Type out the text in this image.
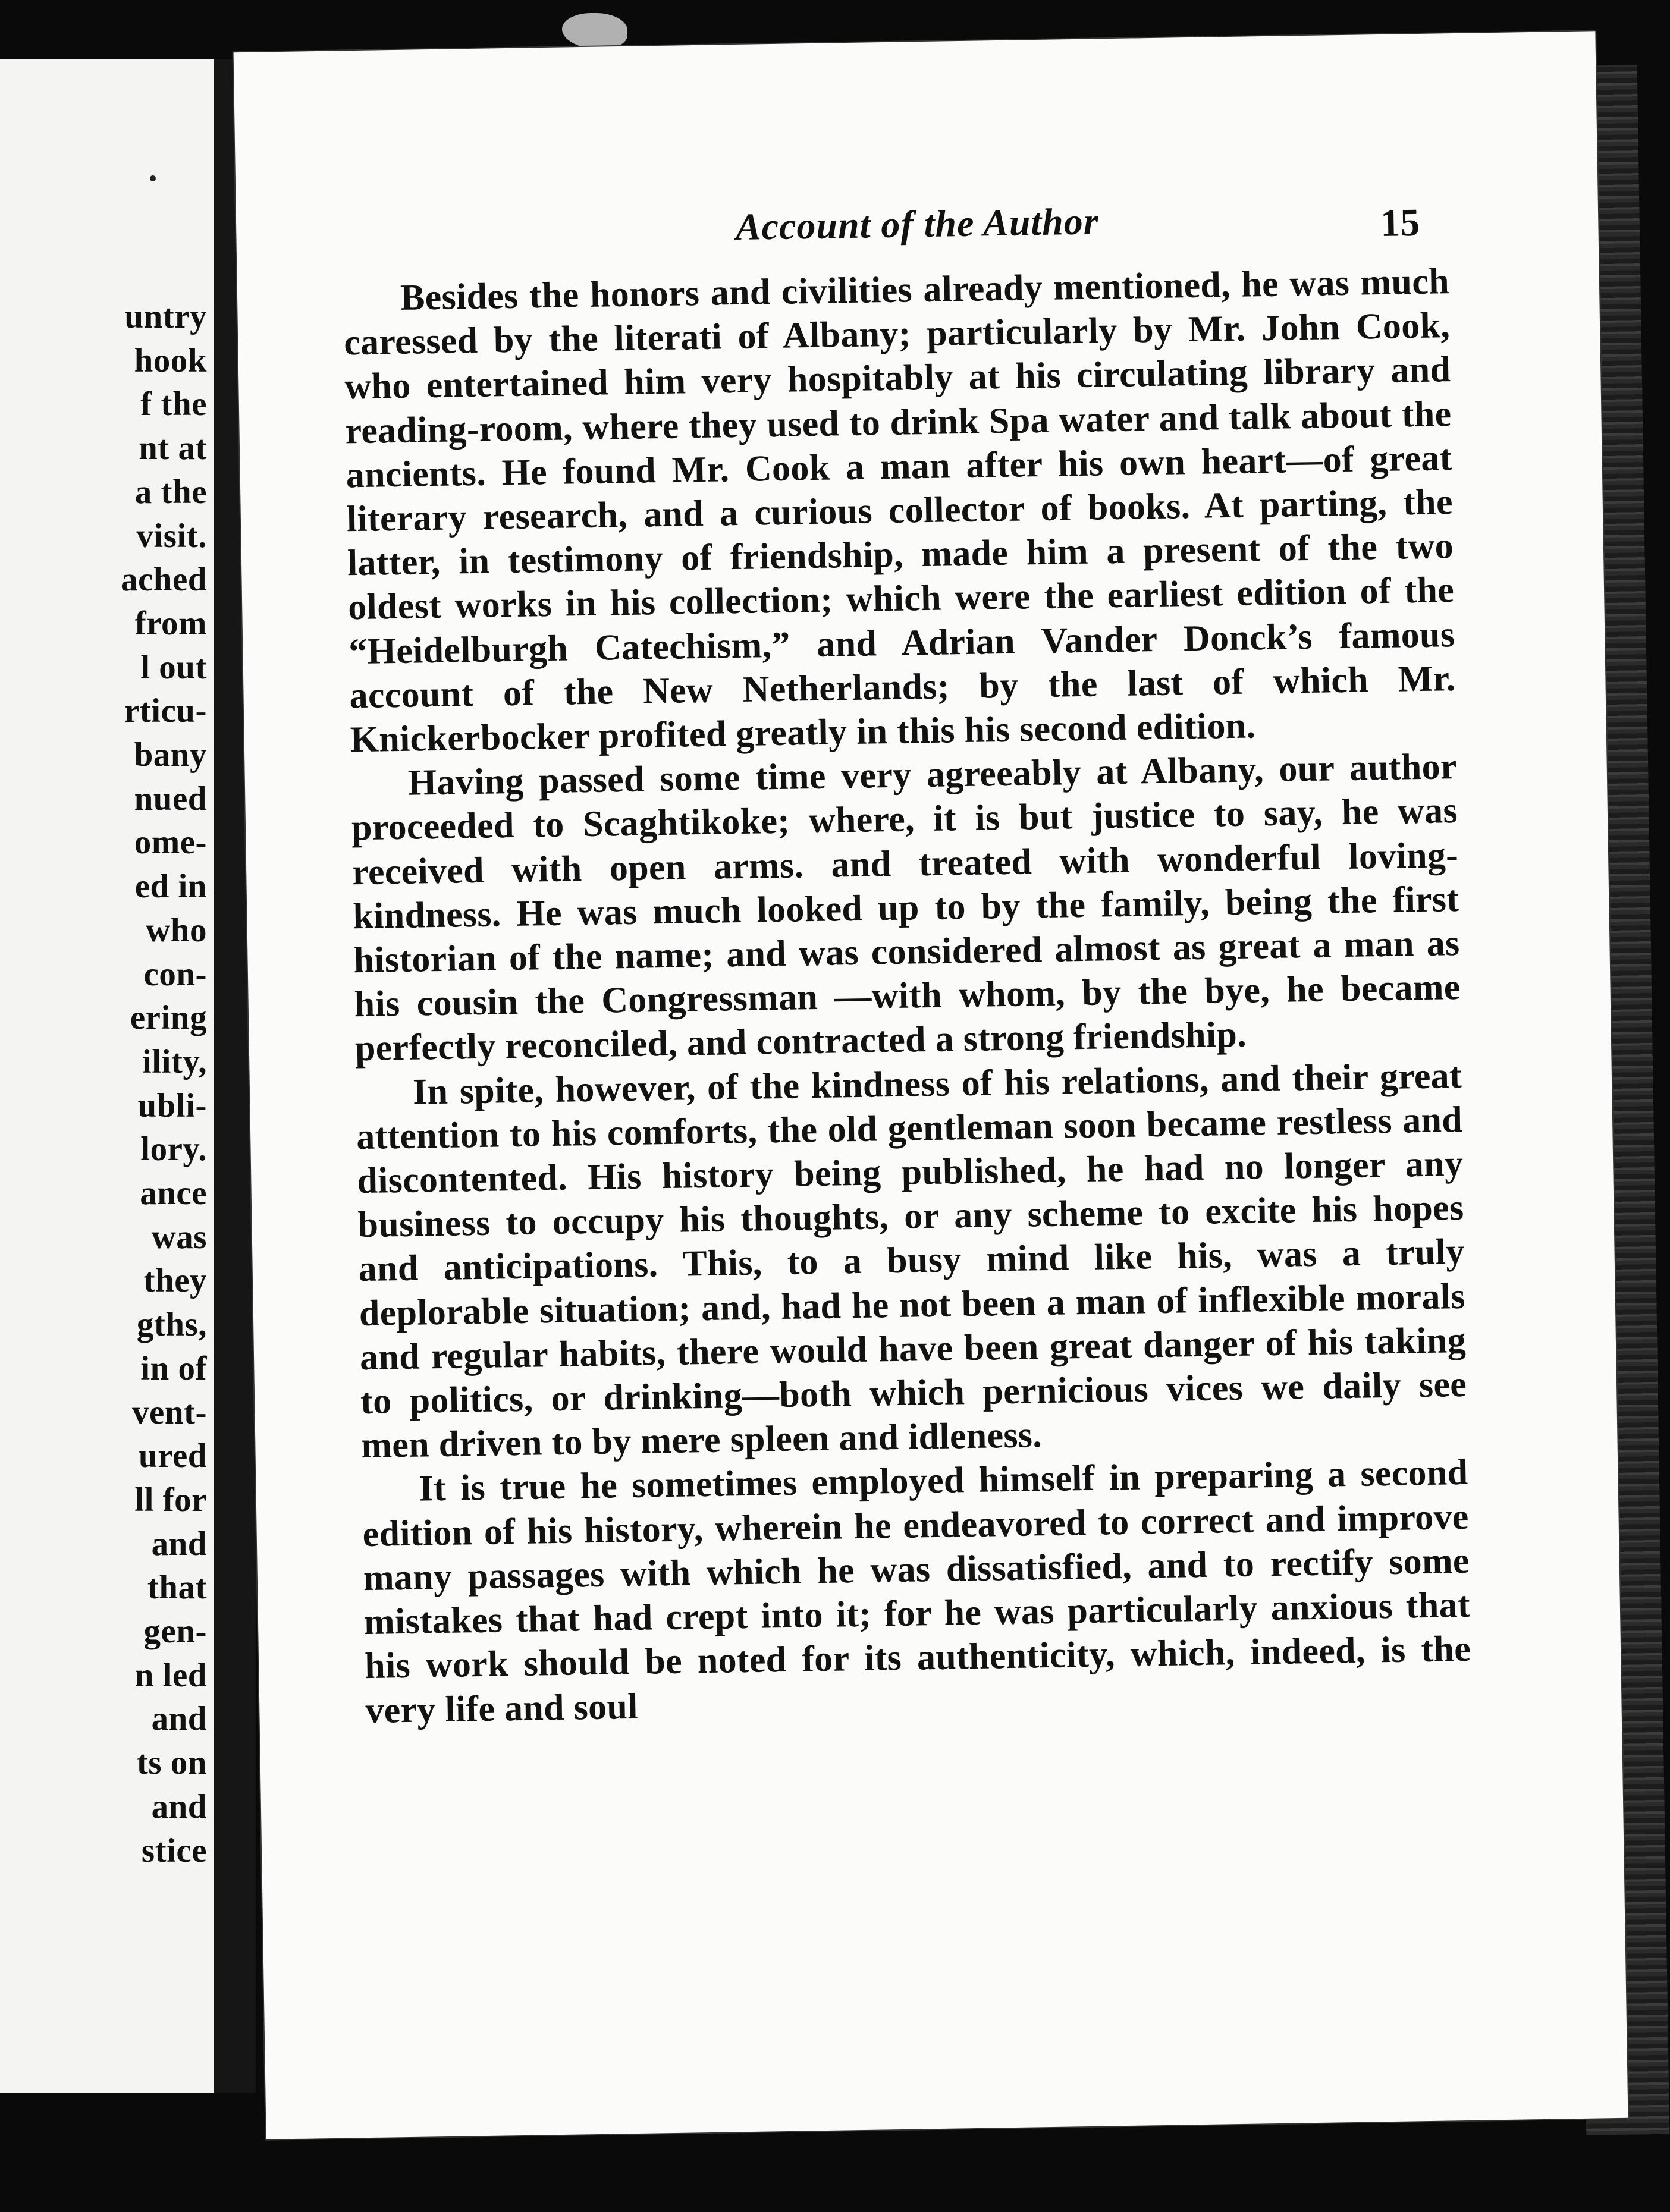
untry
hook
f the
nt at
a the
visit.
ached
from
l out
rticu-
bany
nued
ome-
ed in
who
con-
ering
ility,
ubli-
lory.
ance
was
they
gths,
in of
vent-
ured
ll for
and
that
gen-
n led
and
ts on
and
stice
Account of the Author	15

Besides the honors and civilities already mentioned, he was much caressed by the literati of Albany; particularly by Mr. John Cook, who entertained him very hospitably at his circulating library and reading-room, where they used to drink Spa water and talk about the ancients. He found Mr. Cook a man after his own heart—of great literary research, and a curious collector of books. At parting, the latter, in testimony of friendship, made him a present of the two oldest works in his collection; which were the earliest edition of the “Heidelburgh Catechism,” and Adrian Vander Donck’s famous account of the New Netherlands; by the last of which Mr. Knickerbocker profited greatly in this his second edition.

Having passed some time very agreeably at Albany, our author proceeded to Scaghtikoke; where, it is but justice to say, he was received with open arms. and treated with wonderful loving-kindness. He was much looked up to by the family, being the first historian of the name; and was considered almost as great a man as his cousin the Congressman —with whom, by the bye, he became perfectly reconciled, and contracted a strong friendship.

In spite, however, of the kindness of his relations, and their great attention to his comforts, the old gentleman soon became restless and discontented. His history being published, he had no longer any business to occupy his thoughts, or any scheme to excite his hopes and anticipations. This, to a busy mind like his, was a truly deplorable situation; and, had he not been a man of inflexible morals and regular habits, there would have been great danger of his taking to politics, or drinking—both which pernicious vices we daily see men driven to by mere spleen and idleness.

It is true he sometimes employed himself in preparing a second edition of his history, wherein he endeavored to correct and improve many passages with which he was dissatisfied, and to rectify some mistakes that had crept into it; for he was particularly anxious that his work should be noted for its authenticity, which, indeed, is the very life and soul
